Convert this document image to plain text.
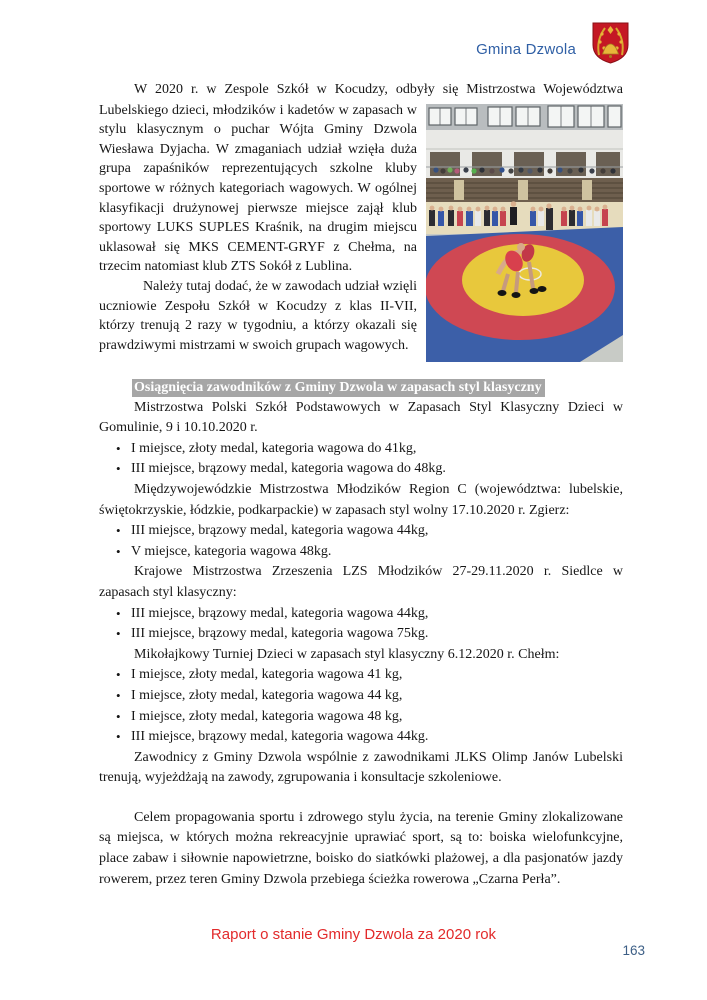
Gmina Dzwola

W 2020 r. w Zespole Szkół w Kocudzy, odbyły się Mistrzostwa Województwa

Lubelskiego dzieci, młodzików i kadetów w zapasach w stylu klasycznym o puchar Wójta Gminy Dzwola Wiesława Dyjacha. W zmaganiach udział wzięła duża grupa zapaśników reprezentujących szkolne kluby sportowe w różnych kategoriach wagowych. W ogólnej klasyfikacji drużynowej pierwsze miejsce zajął klub sportowy LUKS SUPLES Kraśnik, na drugim miejscu uklasował się MKS CEMENT-GRYF z Chełma, na trzecim natomiast klub ZTS Sokół z Lublina.

Należy tutaj dodać, że w zawodach udział wzięli uczniowie Zespołu Szkół w Kocudzy z klas II-VII, którzy trenują 2 razy w tygodniu, a którzy okazali się prawdziwymi mistrzami w swoich grupach wagowych.

Osiągnięcia zawodników z Gminy Dzwola w zapasach styl klasyczny

Mistrzostwa Polski Szkół Podstawowych w Zapasach Styl Klasyczny Dzieci w Gomulinie, 9 i 10.10.2020 r.

• I miejsce, złoty medal, kategoria wagowa do 41kg,
• III miejsce, brązowy medal, kategoria wagowa do 48kg.

Międzywojewódzkie Mistrzostwa Młodzików Region C (województwa: lubelskie, świętokrzyskie, łódzkie, podkarpackie) w zapasach styl wolny 17.10.2020 r. Zgierz:

• III miejsce, brązowy medal, kategoria wagowa 44kg,
• V miejsce, kategoria wagowa 48kg.

Krajowe Mistrzostwa Zrzeszenia LZS Młodzików 27-29.11.2020 r. Siedlce w zapasach styl klasyczny:

• III miejsce, brązowy medal, kategoria wagowa 44kg,
• III miejsce, brązowy medal, kategoria wagowa 75kg.

Mikołajkowy Turniej Dzieci w zapasach styl klasyczny 6.12.2020 r. Chełm:

• I miejsce, złoty medal, kategoria wagowa 41 kg,
• I miejsce, złoty medal, kategoria wagowa 44 kg,
• I miejsce, złoty medal, kategoria wagowa 48 kg,
• III miejsce, brązowy medal, kategoria wagowa 44kg.

Zawodnicy z Gminy Dzwola wspólnie z zawodnikami JLKS Olimp Janów Lubelski trenują, wyjeżdżają na zawody, zgrupowania i konsultacje szkoleniowe.

Celem propagowania sportu i zdrowego stylu życia, na terenie Gminy zlokalizowane są miejsca, w których można rekreacyjnie uprawiać sport, są to: boiska wielofunkcyjne, place zabaw i siłownie napowietrzne, boisko do siatkówki plażowej, a dla pasjonatów jazdy rowerem, przez teren Gminy Dzwola przebiega ścieżka rowerowa „Czarna Perła”.

Raport o stanie Gminy Dzwola za 2020 rok
163
